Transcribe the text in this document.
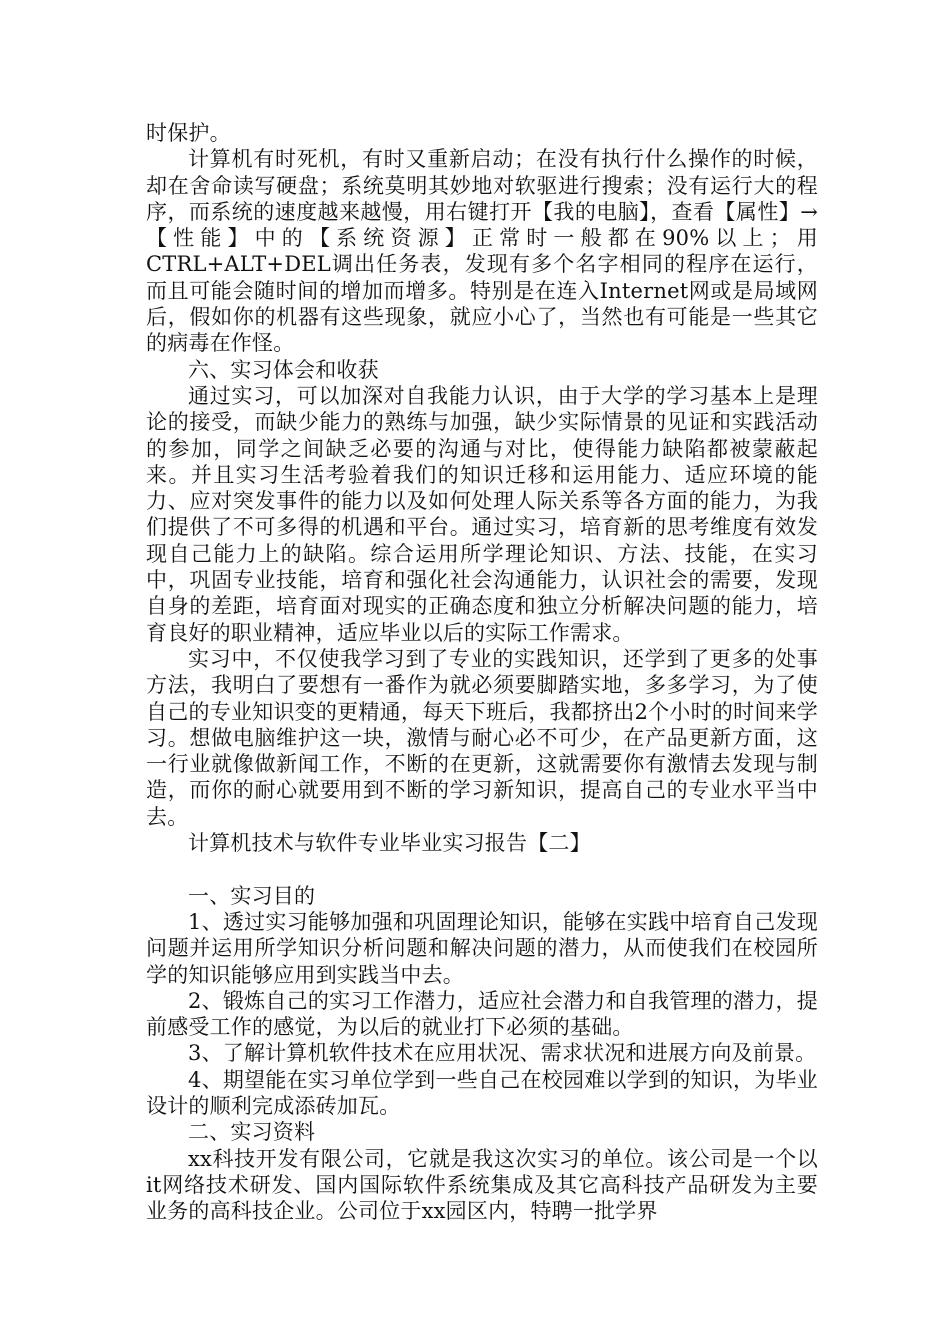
时保护。

计算机有时死机，有时又重新启动；在没有执行什么操作的时候，却在舍命读写硬盘；系统莫明其妙地对软驱进行搜索；没有运行大的程序，而系统的速度越来越慢，用右键打开【我的电脑】，查看【属性】→【性能】中的【系统资源】正常时一般都在90%以上；用CTRL+ALT+DEL调出任务表，发现有多个名字相同的程序在运行，而且可能会随时间的增加而增多。特别是在连入Internet网或是局域网后，假如你的机器有这些现象，就应小心了，当然也有可能是一些其它的病毒在作怪。

六、实习体会和收获

通过实习，可以加深对自我能力认识，由于大学的学习基本上是理论的接受，而缺少能力的熟练与加强，缺少实际情景的见证和实践活动的参加，同学之间缺乏必要的沟通与对比，使得能力缺陷都被蒙蔽起来。并且实习生活考验着我们的知识迁移和运用能力、适应环境的能力、应对突发事件的能力以及如何处理人际关系等各方面的能力，为我们提供了不可多得的机遇和平台。通过实习，培育新的思考维度有效发现自己能力上的缺陷。综合运用所学理论知识、方法、技能，在实习中，巩固专业技能，培育和强化社会沟通能力，认识社会的需要，发现自身的差距，培育面对现实的正确态度和独立分析解决问题的能力，培育良好的职业精神，适应毕业以后的实际工作需求。

实习中，不仅使我学习到了专业的实践知识，还学到了更多的处事方法，我明白了要想有一番作为就必须要脚踏实地，多多学习，为了使自己的专业知识变的更精通，每天下班后，我都挤出2个小时的时间来学习。想做电脑维护这一块，激情与耐心必不可少，在产品更新方面，这一行业就像做新闻工作，不断的在更新，这就需要你有激情去发现与制造，而你的耐心就要用到不断的学习新知识，提高自己的专业水平当中去。

计算机技术与软件专业毕业实习报告【二】

一、实习目的

1、透过实习能够加强和巩固理论知识，能够在实践中培育自己发现问题并运用所学知识分析问题和解决问题的潜力，从而使我们在校园所学的知识能够应用到实践当中去。

2、锻炼自己的实习工作潜力，适应社会潜力和自我管理的潜力，提前感受工作的感觉，为以后的就业打下必须的基础。

3、了解计算机软件技术在应用状况、需求状况和进展方向及前景。

4、期望能在实习单位学到一些自己在校园难以学到的知识，为毕业设计的顺利完成添砖加瓦。

二、实习资料

xx科技开发有限公司，它就是我这次实习的单位。该公司是一个以it网络技术研发、国内国际软件系统集成及其它高科技产品研发为主要业务的高科技企业。公司位于xx园区内，特聘一批学界
